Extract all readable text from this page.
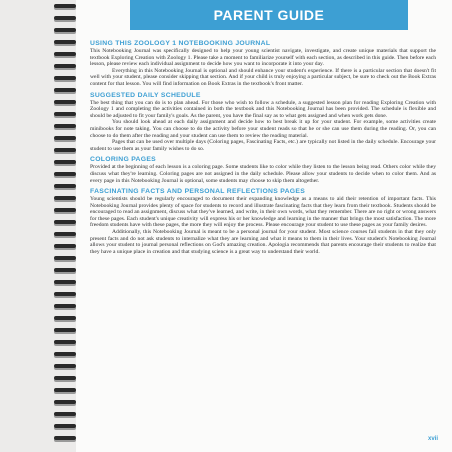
PARENT GUIDE
USING THIS ZOOLOGY 1 NOTEBOOKING JOURNAL

This Notebooking Journal was specifically designed to help your young scientist navigate, investigate, and create unique materials that support the textbook Exploring Creation with Zoology 1. Please take a moment to familiarize yourself with each section, as described in this guide. Then before each lesson, please review each individual assignment to decide how you want to incorporate it into your day.

Everything in this Notebooking Journal is optional and should enhance your student's experience. If there is a particular section that doesn't fit well with your student, please consider skipping that section. And if your child is truly enjoying a particular subject, be sure to check out the Book Extras content for that lesson. You will find information on Book Extras in the textbook's front matter.

SUGGESTED DAILY SCHEDULE

The best thing that you can do is to plan ahead. For those who wish to follow a schedule, a suggested lesson plan for reading Exploring Creation with Zoology 1 and completing the activities contained in both the textbook and this Notebooking Journal has been provided. The schedule is flexible and should be adjusted to fit your family's goals. As the parent, you have the final say as to what gets assigned and when work gets done.

You should look ahead at each daily assignment and decide how to best break it up for your student. For example, some activities create minibooks for note taking. You can choose to do the activity before your student reads so that he or she can use them during the reading. Or, you can choose to do them after the reading and your student can use them to review the reading material.

Pages that can be used over multiple days (Coloring pages, Fascinating Facts, etc.) are typically not listed in the daily schedule. Encourage your student to use them as your family wishes to do so.

COLORING PAGES

Provided at the beginning of each lesson is a coloring page. Some students like to color while they listen to the lesson being read. Others color while they discuss what they're learning. Coloring pages are not assigned in the daily schedule. Please allow your students to decide when to color them. And as every page in this Notebooking Journal is optional, some students may choose to skip them altogether.

FASCINATING FACTS AND PERSONAL REFLECTIONS PAGES

Young scientists should be regularly encouraged to document their expanding knowledge as a means to aid their retention of important facts. This Notebooking Journal provides plenty of space for students to record and illustrate fascinating facts that they learn from their textbook. Students should be encouraged to read an assignment, discuss what they've learned, and write, in their own words, what they remember. There are no right or wrong answers for these pages. Each student's unique creativity will express his or her knowledge and learning in the manner that brings the most satisfaction. The more freedom students have with these pages, the more they will enjoy the process. Please encourage your student to use these pages as your family desires.

Additionally, this Notebooking Journal is meant to be a personal journal for your student. Most science courses fail students in that they only present facts and do not ask students to internalize what they are learning and what it means to them in their lives. Your student's Notebooking Journal allows your student to journal personal reflections on God's amazing creation. Apologia recommends that parents encourage their students to realize that they have a unique place in creation and that studying science is a great way to understand their world.

xvii
